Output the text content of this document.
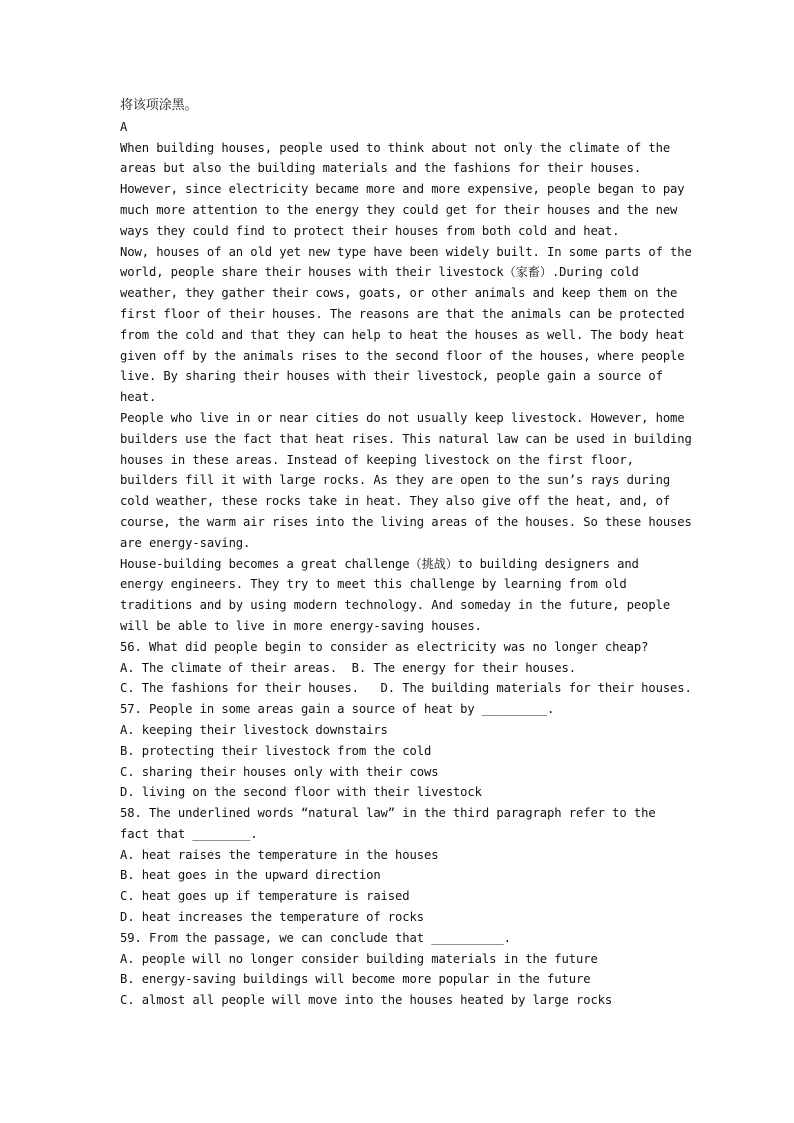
将该项涂黑。
A
When building houses, people used to think about not only the climate of the
areas but also the building materials and the fashions for their houses.
However, since electricity became more and more expensive, people began to pay
much more attention to the energy they could get for their houses and the new
ways they could find to protect their houses from both cold and heat.
Now, houses of an old yet new type have been widely built. In some parts of the
world, people share their houses with their livestock（家畜）.During cold
weather, they gather their cows, goats, or other animals and keep them on the
first floor of their houses. The reasons are that the animals can be protected
from the cold and that they can help to heat the houses as well. The body heat
given off by the animals rises to the second floor of the houses, where people
live. By sharing their houses with their livestock, people gain a source of
heat.
People who live in or near cities do not usually keep livestock. However, home
builders use the fact that heat rises. This natural law can be used in building
houses in these areas. Instead of keeping livestock on the first floor,
builders fill it with large rocks. As they are open to the sun’s rays during
cold weather, these rocks take in heat. They also give off the heat, and, of
course, the warm air rises into the living areas of the houses. So these houses
are energy-saving.
House-building becomes a great challenge（挑战）to building designers and
energy engineers. They try to meet this challenge by learning from old
traditions and by using modern technology. And someday in the future, people
will be able to live in more energy-saving houses.
56. What did people begin to consider as electricity was no longer cheap?
A. The climate of their areas.  B. The energy for their houses.
C. The fashions for their houses.   D. The building materials for their houses.
57. People in some areas gain a source of heat by _________.
A. keeping their livestock downstairs
B. protecting their livestock from the cold
C. sharing their houses only with their cows
D. living on the second floor with their livestock
58. The underlined words “natural law” in the third paragraph refer to the
fact that ________.
A. heat raises the temperature in the houses
B. heat goes in the upward direction
C. heat goes up if temperature is raised
D. heat increases the temperature of rocks
59. From the passage, we can conclude that __________.
A. people will no longer consider building materials in the future
B. energy-saving buildings will become more popular in the future
C. almost all people will move into the houses heated by large rocks
